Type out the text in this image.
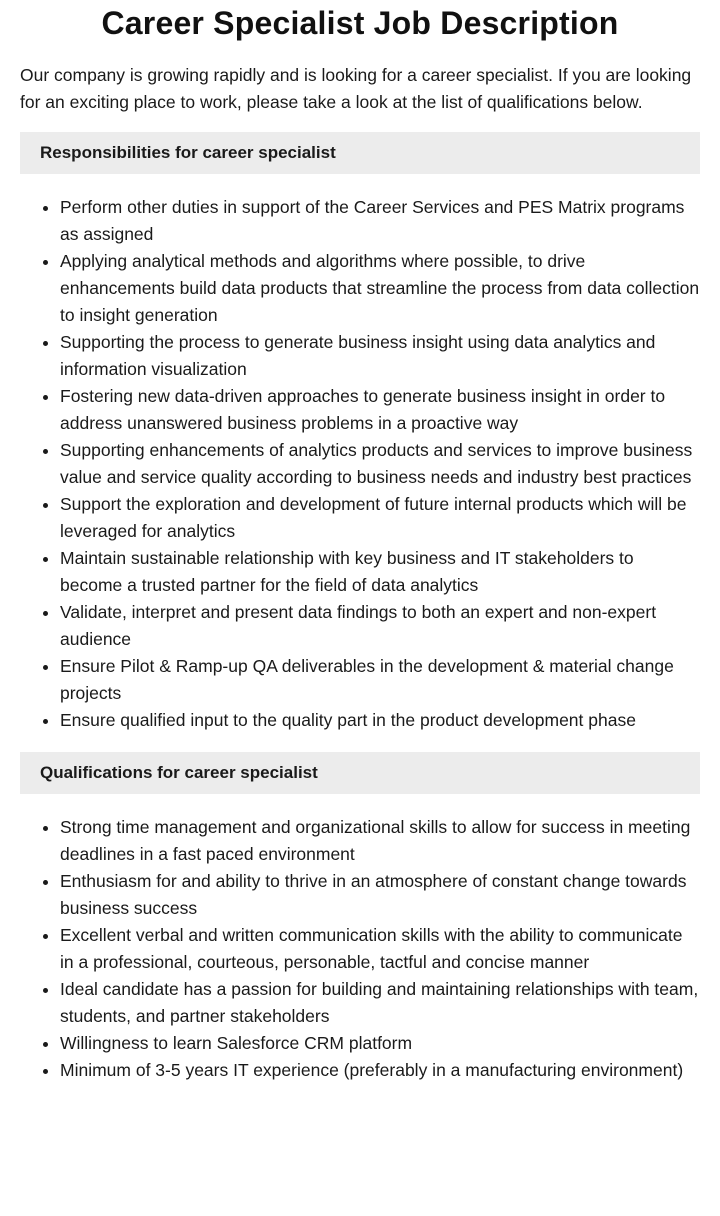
Career Specialist Job Description

Our company is growing rapidly and is looking for a career specialist. If you are looking for an exciting place to work, please take a look at the list of qualifications below.

Responsibilities for career specialist
Perform other duties in support of the Career Services and PES Matrix programs as assigned
Applying analytical methods and algorithms where possible, to drive enhancements build data products that streamline the process from data collection to insight generation
Supporting the process to generate business insight using data analytics and information visualization
Fostering new data-driven approaches to generate business insight in order to address unanswered business problems in a proactive way
Supporting enhancements of analytics products and services to improve business value and service quality according to business needs and industry best practices
Support the exploration and development of future internal products which will be leveraged for analytics
Maintain sustainable relationship with key business and IT stakeholders to become a trusted partner for the field of data analytics
Validate, interpret and present data findings to both an expert and non-expert audience
Ensure Pilot & Ramp-up QA deliverables in the development & material change projects
Ensure qualified input to the quality part in the product development phase
Qualifications for career specialist
Strong time management and organizational skills to allow for success in meeting deadlines in a fast paced environment
Enthusiasm for and ability to thrive in an atmosphere of constant change towards business success
Excellent verbal and written communication skills with the ability to communicate in a professional, courteous, personable, tactful and concise manner
Ideal candidate has a passion for building and maintaining relationships with team, students, and partner stakeholders
Willingness to learn Salesforce CRM platform
Minimum of 3-5 years IT experience (preferably in a manufacturing environment)
